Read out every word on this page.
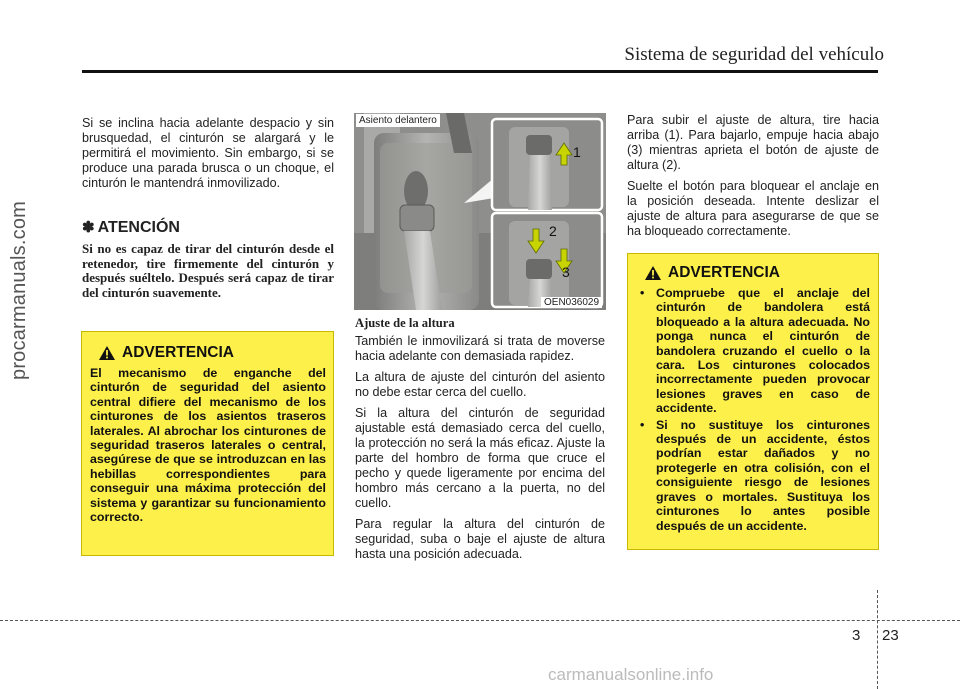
Sistema de seguridad del vehículo
procarmanuals.com

Si se inclina hacia adelante despacio y sin brusquedad, el cinturón se alargará y le permitirá el movimiento. Sin embargo, si se produce una parada brusca o un choque, el cinturón le mantendrá inmovilizado.

✽ ATENCIÓN
Si no es capaz de tirar del cinturón desde el retenedor, tire firmemente del cinturón y después suéltelo. Después será capaz de tirar del cinturón suavemente.
ADVERTENCIA
El mecanismo de enganche del cinturón de seguridad del asiento central difiere del mecanismo de los cinturones de los asientos traseros laterales. Al abrochar los cinturones de seguridad traseros laterales o central, asegúrese de que se introduzcan en las hebillas correspondientes para conseguir una máxima protección del sistema y garantizar su funcionamiento correcto.
1
2
3
Asiento delantero
OEN036029

Ajuste de la altura

También le inmovilizará si trata de moverse hacia adelante con demasiada rapidez.

La altura de ajuste del cinturón del asiento no debe estar cerca del cuello.

Si la altura del cinturón de seguridad ajustable está demasiado cerca del cuello, la protección no será la más eficaz. Ajuste la parte del hombro de forma que cruce el pecho y quede ligeramente por encima del hombro más cercano a la puerta, no del cuello.

Para regular la altura del cinturón de seguridad, suba o baje el ajuste de altura hasta una posición adecuada.

Para subir el ajuste de altura, tire hacia arriba (1). Para bajarlo, empuje hacia abajo (3) mientras aprieta el botón de ajuste de altura (2).

Suelte el botón para bloquear el anclaje en la posición deseada. Intente deslizar el ajuste de altura para asegurarse de que se ha bloqueado correctamente.

ADVERTENCIA
• Compruebe que el anclaje del cinturón de bandolera está bloqueado a la altura adecuada. No ponga nunca el cinturón de bandolera cruzando el cuello o la cara. Los cinturones colocados incorrectamente pueden provocar lesiones graves en caso de accidente.
• Si no sustituye los cinturones después de un accidente, éstos podrían estar dañados y no protegerle en otra colisión, con el consiguiente riesgo de lesiones graves o mortales. Sustituya los cinturones lo antes posible después de un accidente.
3 23
carmanualsonline.info
